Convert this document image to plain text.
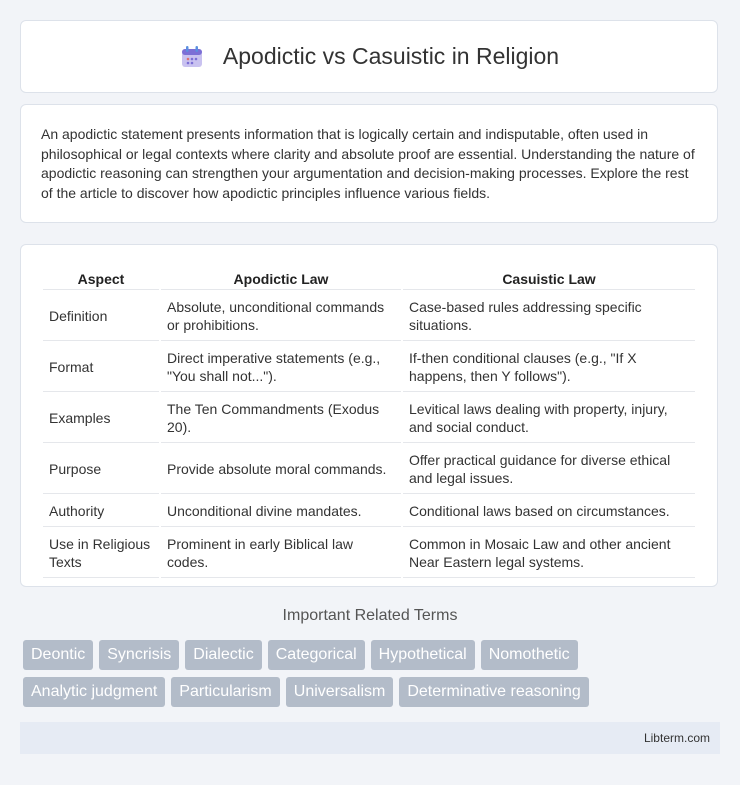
Apodictic vs Casuistic in Religion

An apodictic statement presents information that is logically certain and indisputable, often used in philosophical or legal contexts where clarity and absolute proof are essential. Understanding the nature of apodictic reasoning can strengthen your argumentation and decision-making processes. Explore the rest of the article to discover how apodictic principles influence various fields.

Aspect	Apodictic Law	Casuistic Law
Definition	Absolute, unconditional commands or prohibitions.	Case-based rules addressing specific situations.
Format	Direct imperative statements (e.g., "You shall not...").	If-then conditional clauses (e.g., "If X happens, then Y follows").
Examples	The Ten Commandments (Exodus 20).	Levitical laws dealing with property, injury, and social conduct.
Purpose	Provide absolute moral commands.	Offer practical guidance for diverse ethical and legal issues.
Authority	Unconditional divine mandates.	Conditional laws based on circumstances.
Use in Religious Texts	Prominent in early Biblical law codes.	Common in Mosaic Law and other ancient Near Eastern legal systems.
Important Related Terms
Deontic	Syncrisis	Dialectic	Categorical	Hypothetical	Nomothetic
Analytic judgment	Particularism	Universalism	Determinative reasoning
Libterm.com
